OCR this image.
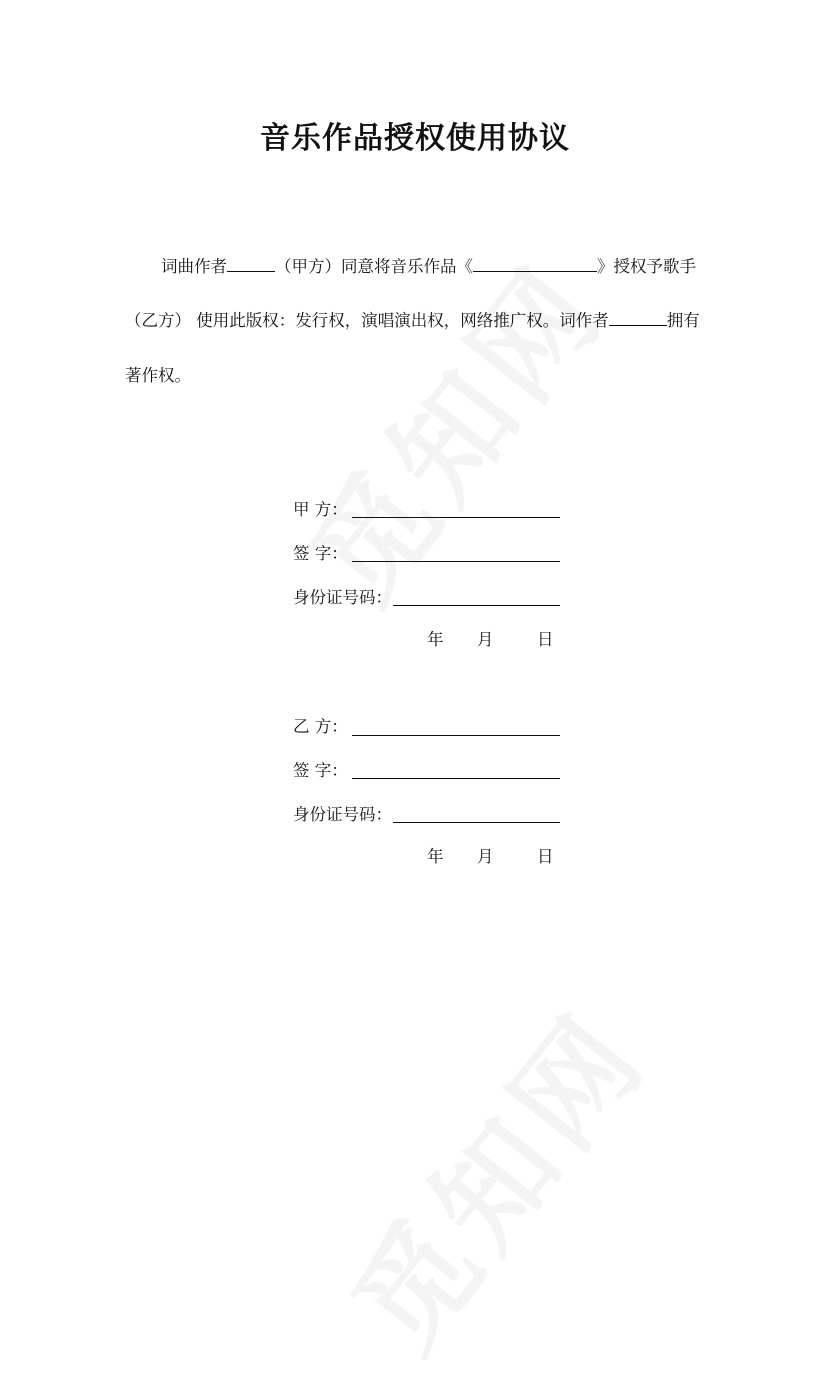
音乐作品授权使用协议
词曲作者	（甲方）同意将音乐作品《	》授权予歌手
（乙方） 使用此版权：发行权，演唱演出权，网络推广权。词作者	拥有
著作权。
甲 方：
签 字：
身份证号码：
年 月	日
乙 方：
签 字：
身份证号码：
年 月	日
